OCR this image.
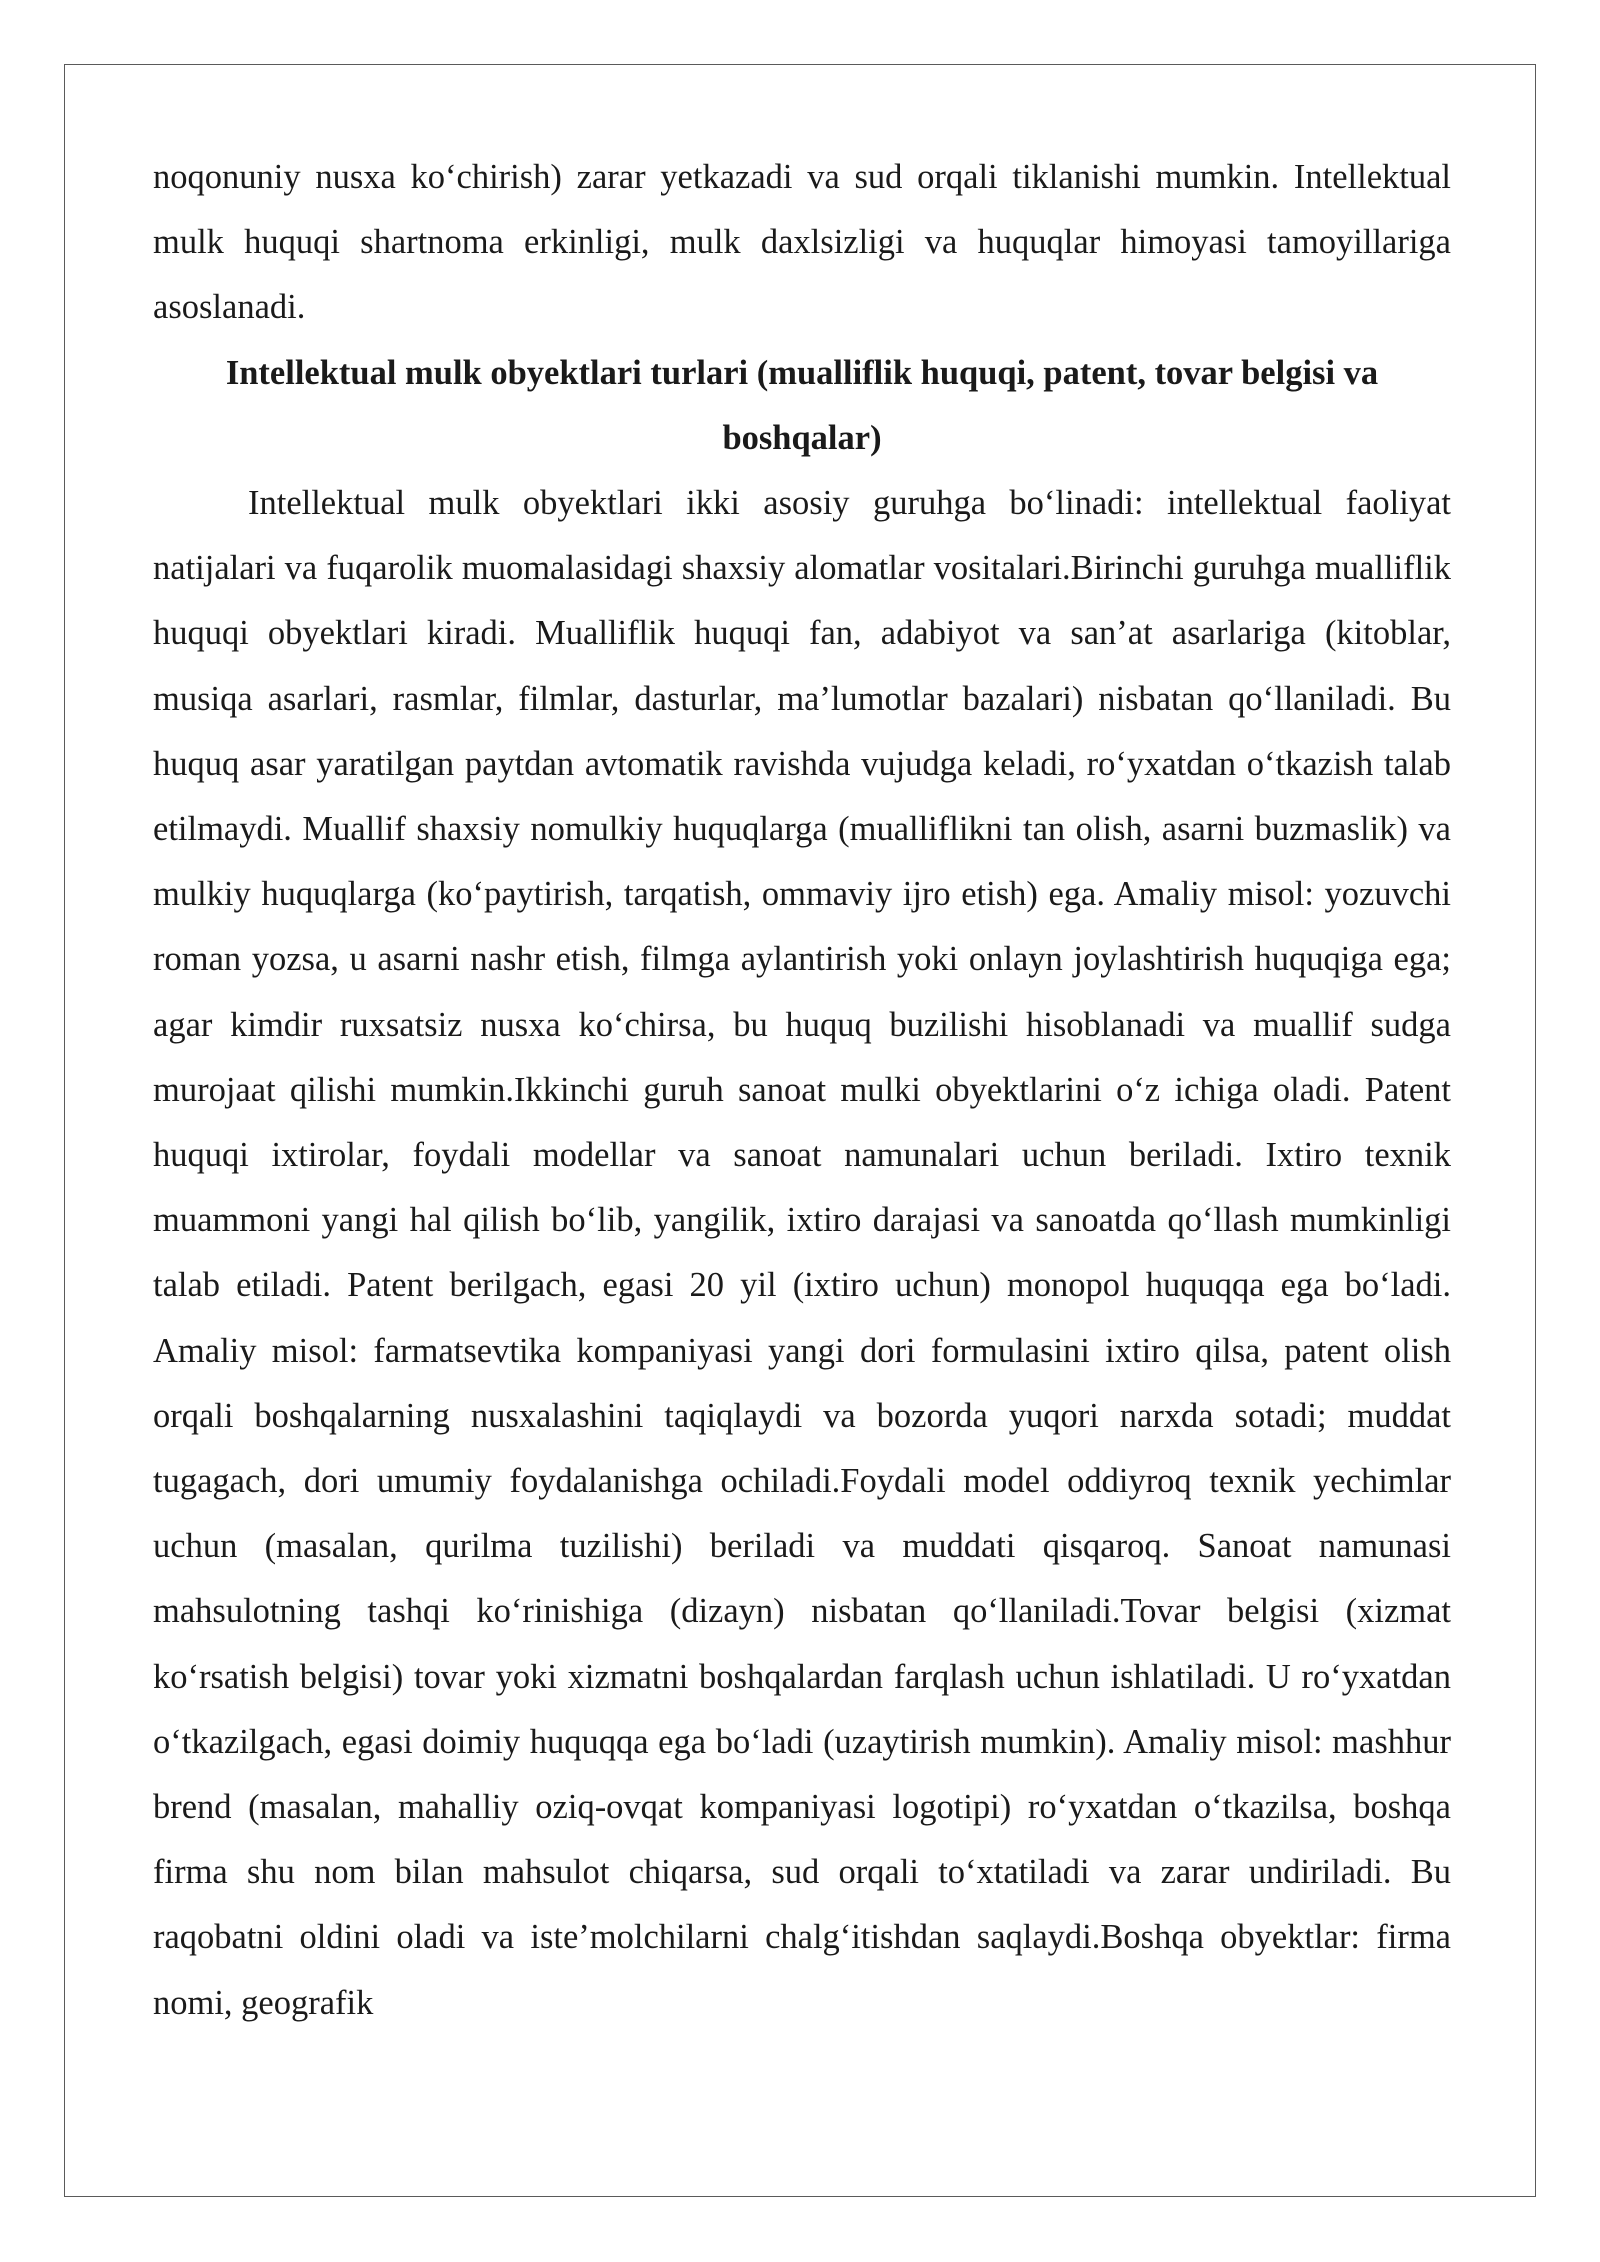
noqonuniy nusxa ko‘chirish) zarar yetkazadi va sud orqali tiklanishi mumkin. Intellektual mulk huquqi shartnoma erkinligi, mulk daxlsizligi va huquqlar himoyasi tamoyillariga asoslanadi.

Intellektual mulk obyektlari turlari (mualliflik huquqi, patent, tovar belgisi va boshqalar)

Intellektual mulk obyektlari ikki asosiy guruhga bo‘linadi: intellektual faoliyat natijalari va fuqarolik muomalasidagi shaxsiy alomatlar vositalari.Birinchi guruhga mualliflik huquqi obyektlari kiradi. Mualliflik huquqi fan, adabiyot va san’at asarlariga (kitoblar, musiqa asarlari, rasmlar, filmlar, dasturlar, ma’lumotlar bazalari) nisbatan qo‘llaniladi. Bu huquq asar yaratilgan paytdan avtomatik ravishda vujudga keladi, ro‘yxatdan o‘tkazish talab etilmaydi. Muallif shaxsiy nomulkiy huquqlarga (mualliflikni tan olish, asarni buzmaslik) va mulkiy huquqlarga (ko‘paytirish, tarqatish, ommaviy ijro etish) ega. Amaliy misol: yozuvchi roman yozsa, u asarni nashr etish, filmga aylantirish yoki onlayn joylashtirish huquqiga ega; agar kimdir ruxsatsiz nusxa ko‘chirsa, bu huquq buzilishi hisoblanadi va muallif sudga murojaat qilishi mumkin.Ikkinchi guruh sanoat mulki obyektlarini o‘z ichiga oladi. Patent huquqi ixtirolar, foydali modellar va sanoat namunalari uchun beriladi. Ixtiro texnik muammoni yangi hal qilish bo‘lib, yangilik, ixtiro darajasi va sanoatda qo‘llash mumkinligi talab etiladi. Patent berilgach, egasi 20 yil (ixtiro uchun) monopol huquqqa ega bo‘ladi. Amaliy misol: farmatsevtika kompaniyasi yangi dori formulasini ixtiro qilsa, patent olish orqali boshqalarning nusxalashini taqiqlaydi va bozorda yuqori narxda sotadi; muddat tugagach, dori umumiy foydalanishga ochiladi.Foydali model oddiyroq texnik yechimlar uchun (masalan, qurilma tuzilishi) beriladi va muddati qisqaroq. Sanoat namunasi mahsulotning tashqi ko‘rinishiga (dizayn) nisbatan qo‘llaniladi.Tovar belgisi (xizmat ko‘rsatish belgisi) tovar yoki xizmatni boshqalardan farqlash uchun ishlatiladi. U ro‘yxatdan o‘tkazilgach, egasi doimiy huquqqa ega bo‘ladi (uzaytirish mumkin). Amaliy misol: mashhur brend (masalan, mahalliy oziq-ovqat kompaniyasi logotipi) ro‘yxatdan o‘tkazilsa, boshqa firma shu nom bilan mahsulot chiqarsa, sud orqali to‘xtatiladi va zarar undiriladi. Bu raqobatni oldini oladi va iste’molchilarni chalg‘itishdan saqlaydi.Boshqa obyektlar: firma nomi, geografik
